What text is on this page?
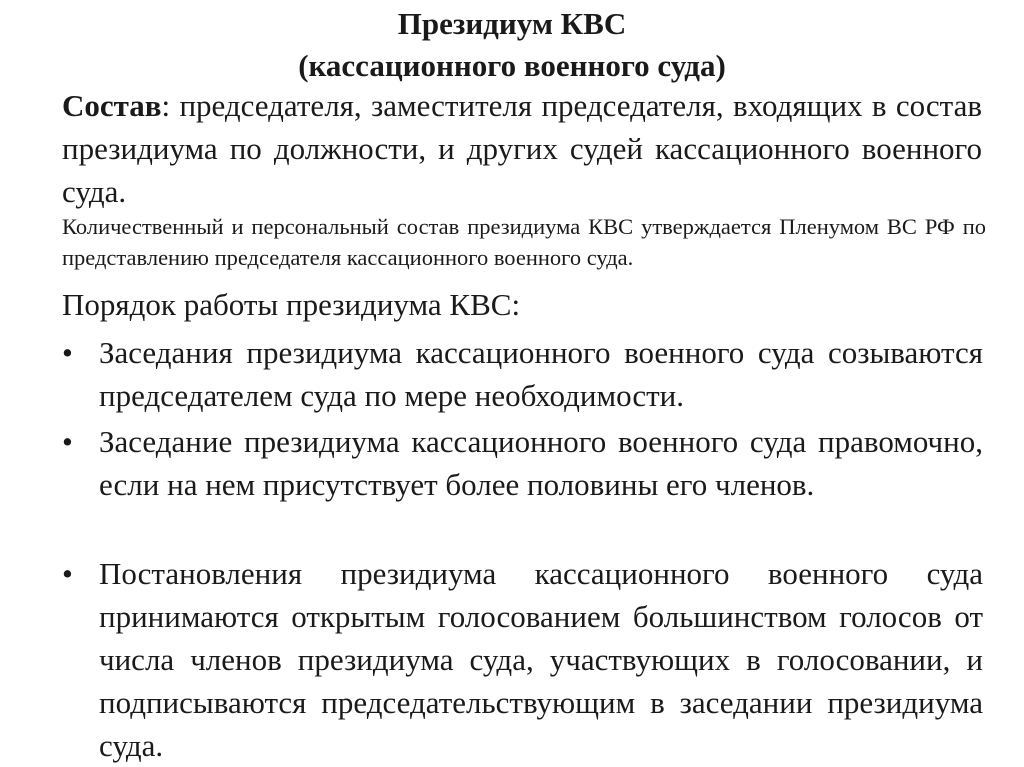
Президиум КВС
(кассационного военного суда)
Состав: председателя, заместителя председателя, входящих в состав президиума по должности, и других судей кассационного военного суда.
Количественный и персональный состав президиума КВС утверждается Пленумом ВС РФ по представлению председателя кассационного военного суда.
Порядок работы президиума КВС:
• Заседания президиума кассационного военного суда созываются председателем суда по мере необходимости.
• Заседание президиума кассационного военного суда правомочно, если на нем присутствует более половины его членов.
• Постановления президиума кассационного военного суда принимаются открытым голосованием большинством голосов от числа членов президиума суда, участвующих в голосовании, и подписываются председательствующим в заседании президиума суда.
